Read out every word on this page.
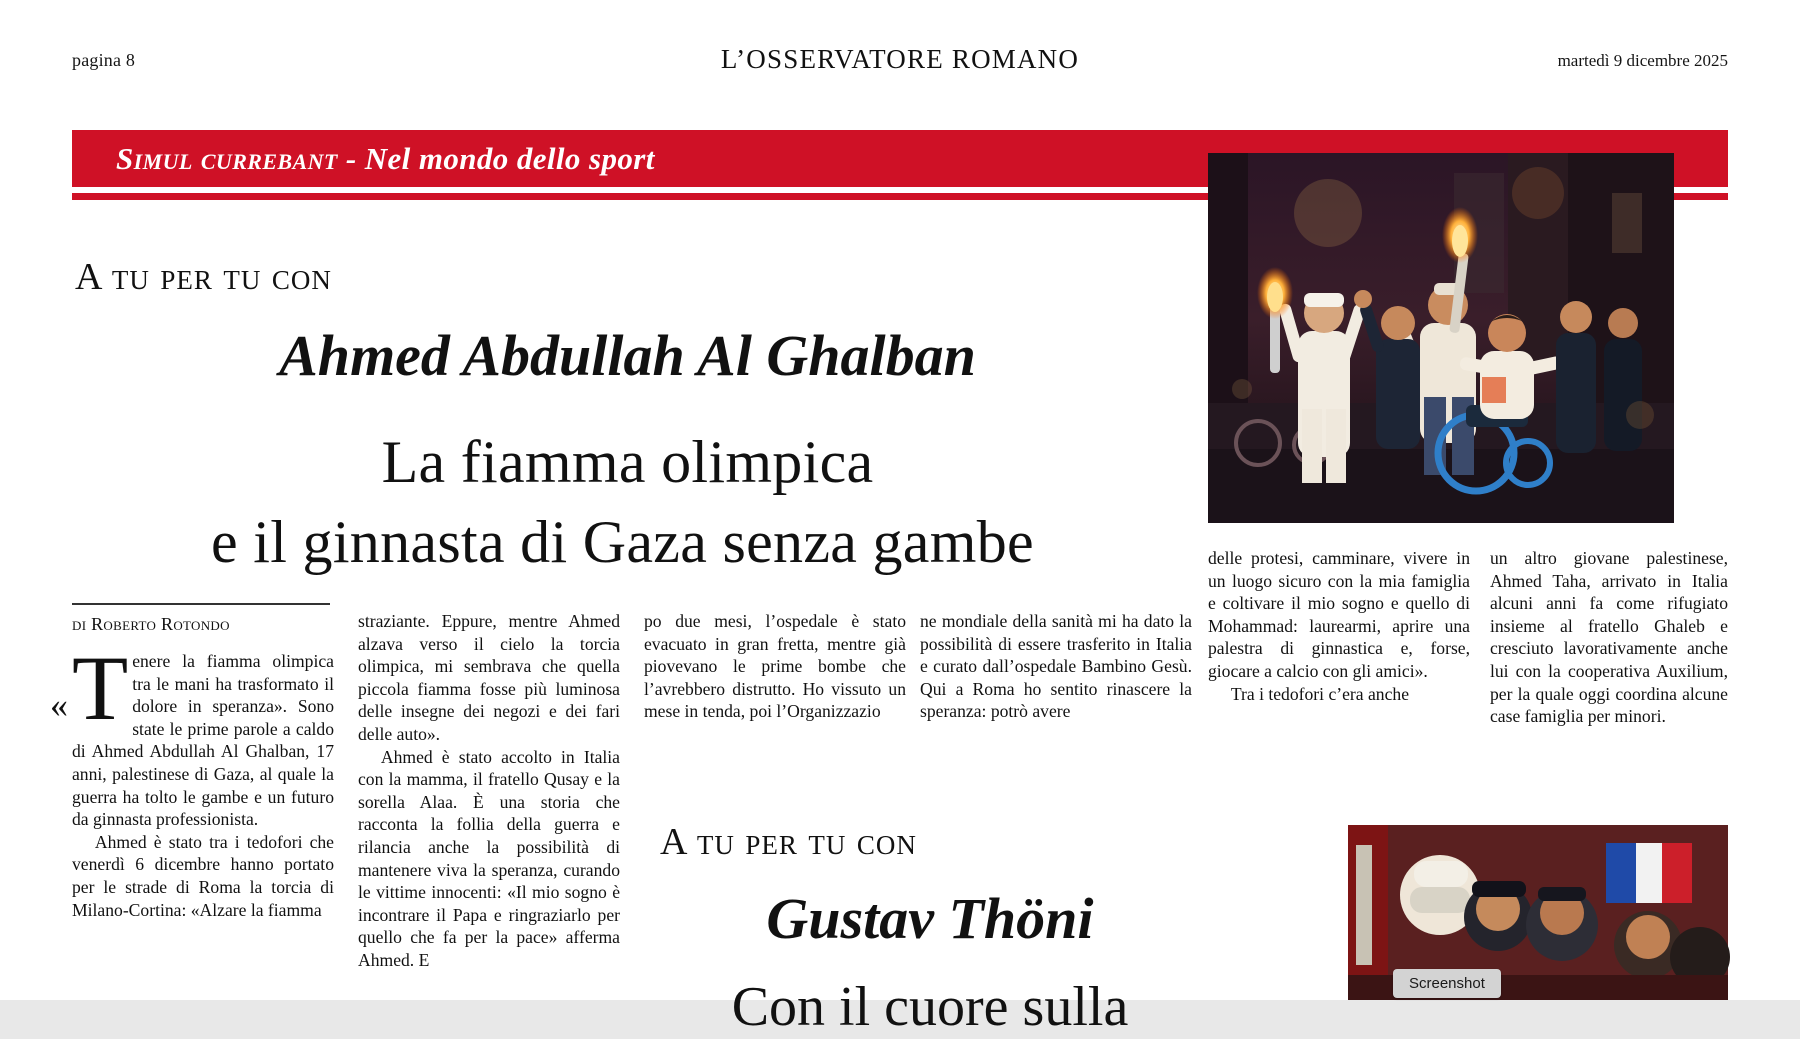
pagina 8	L’OSSERVATORE ROMANO	martedì 9 dicembre 2025
Simul currebant - Nel mondo dello sport
A tu per tu con
Ahmed Abdullah Al Ghalban
La fiamma olimpica
e il ginnasta di Gaza senza gambe
di Roberto Rotondo
« T enere la fiamma olimpica tra le mani ha trasformato il dolore in speranza». Sono state le prime parole a caldo di Ahmed Abdullah Al Ghalban, 17 anni, palestinese di Gaza, al quale la guerra ha tolto le gambe e un futuro da ginnasta professionista.

Ahmed è stato tra i tedofori che venerdì 6 dicembre hanno portato per le strade di Roma la torcia di Milano-Cortina: «Alzare la fiamma

straziante. Eppure, mentre Ahmed alzava verso il cielo la torcia olimpica, mi sembrava che quella piccola fiamma fosse più luminosa delle insegne dei negozi e dei fari delle auto».

Ahmed è stato accolto in Italia con la mamma, il fratello Qusay e la sorella Alaa. È una storia che racconta la follia della guerra e rilancia anche la possibilità di mantenere viva la speranza, curando le vittime innocenti: «Il mio sogno è incontrare il Papa e ringraziarlo per quello che fa per la pace» afferma Ahmed. E

po due mesi, l’ospedale è stato evacuato in gran fretta, mentre già piovevano le prime bombe che l’avrebbero distrutto. Ho vissuto un mese in tenda, poi l’Organizzazio

ne mondiale della sanità mi ha dato la possibilità di essere trasferito in Italia e curato dall’ospedale Bambino Gesù. Qui a Roma ho sentito rinascere la speranza: potrò avere

delle protesi, camminare, vivere in un luogo sicuro con la mia famiglia e coltivare il mio sogno e quello di Mohammad: laurearmi, aprire una palestra di ginnastica e, forse, giocare a calcio con gli amici».

Tra i tedofori c’era anche

un altro giovane palestinese, Ahmed Taha, arrivato in Italia alcuni anni fa come rifugiato insieme al fratello Ghaleb e cresciuto lavorativamente anche lui con la cooperativa Auxilium, per la quale oggi coordina alcune case famiglia per minori.

A tu per tu con
Gustav Thöni
Con il cuore sulla	Screenshot
